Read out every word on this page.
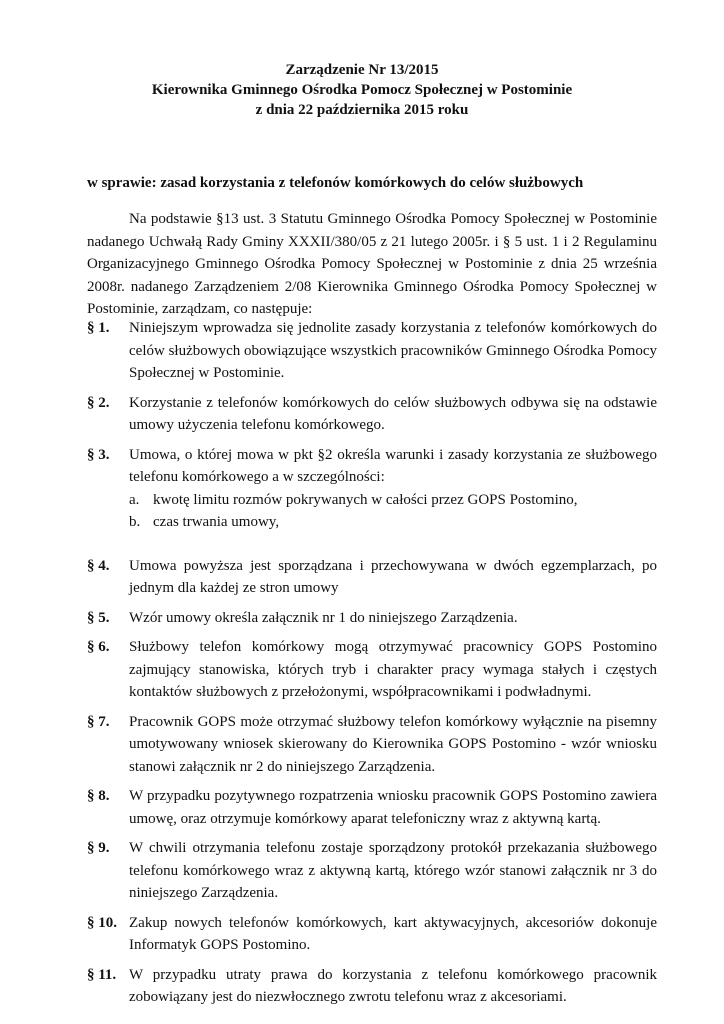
Zarządzenie Nr 13/2015
Kierownika Gminnego Ośrodka Pomocz Społecznej w Postominie
z dnia 22 października 2015 roku
w sprawie: zasad korzystania z telefonów komórkowych do celów służbowych
Na podstawie §13 ust. 3 Statutu Gminnego Ośrodka Pomocy Społecznej w Postominie nadanego Uchwałą Rady Gminy XXXII/380/05 z 21 lutego 2005r. i § 5 ust. 1 i 2 Regulaminu Organizacyjnego Gminnego Ośrodka Pomocy Społecznej w Postominie z dnia 25 września 2008r. nadanego Zarządzeniem 2/08 Kierownika Gminnego Ośrodka Pomocy Społecznej w Postominie, zarządzam, co następuje:
§ 1.	Niniejszym wprowadza się jednolite zasady korzystania z telefonów komórkowych do celów służbowych obowiązujące wszystkich pracowników Gminnego Ośrodka Pomocy Społecznej w Postominie.
§ 2.	Korzystanie z telefonów komórkowych do celów służbowych odbywa się na odstawie umowy użyczenia telefonu komórkowego.
§ 3.	Umowa, o której mowa w pkt §2 określa warunki i zasady korzystania ze służbowego telefonu komórkowego a w szczególności:
a. kwotę limitu rozmów pokrywanych w całości przez GOPS Postomino,
b. czas trwania umowy,
§ 4.	Umowa powyższa jest sporządzana i przechowywana w dwóch egzemplarzach, po jednym dla każdej ze stron umowy
§ 5.	Wzór umowy określa załącznik nr 1 do niniejszego Zarządzenia.
§ 6.	Służbowy telefon komórkowy mogą otrzymywać pracownicy GOPS Postomino zajmujący stanowiska, których tryb i charakter pracy wymaga stałych i częstych kontaktów służbowych z przełożonymi, współpracownikami i podwładnymi.
§ 7.	Pracownik GOPS może otrzymać służbowy telefon komórkowy wyłącznie na pisemny umotywowany wniosek skierowany do Kierownika GOPS Postomino - wzór wniosku stanowi załącznik nr 2 do niniejszego Zarządzenia.
§ 8.	W przypadku pozytywnego rozpatrzenia wniosku pracownik GOPS Postomino zawiera umowę, oraz otrzymuje komórkowy aparat telefoniczny wraz z aktywną kartą.
§ 9.	W chwili otrzymania telefonu zostaje sporządzony protokół przekazania służbowego telefonu komórkowego wraz z aktywną kartą, którego wzór stanowi załącznik nr 3 do niniejszego Zarządzenia.
§ 10. Zakup nowych telefonów komórkowych, kart aktywacyjnych, akcesoriów dokonuje Informatyk GOPS Postomino.
§ 11. W przypadku utraty prawa do korzystania z telefonu komórkowego pracownik zobowiązany jest do niezwłocznego zwrotu telefonu wraz z akcesoriami.
